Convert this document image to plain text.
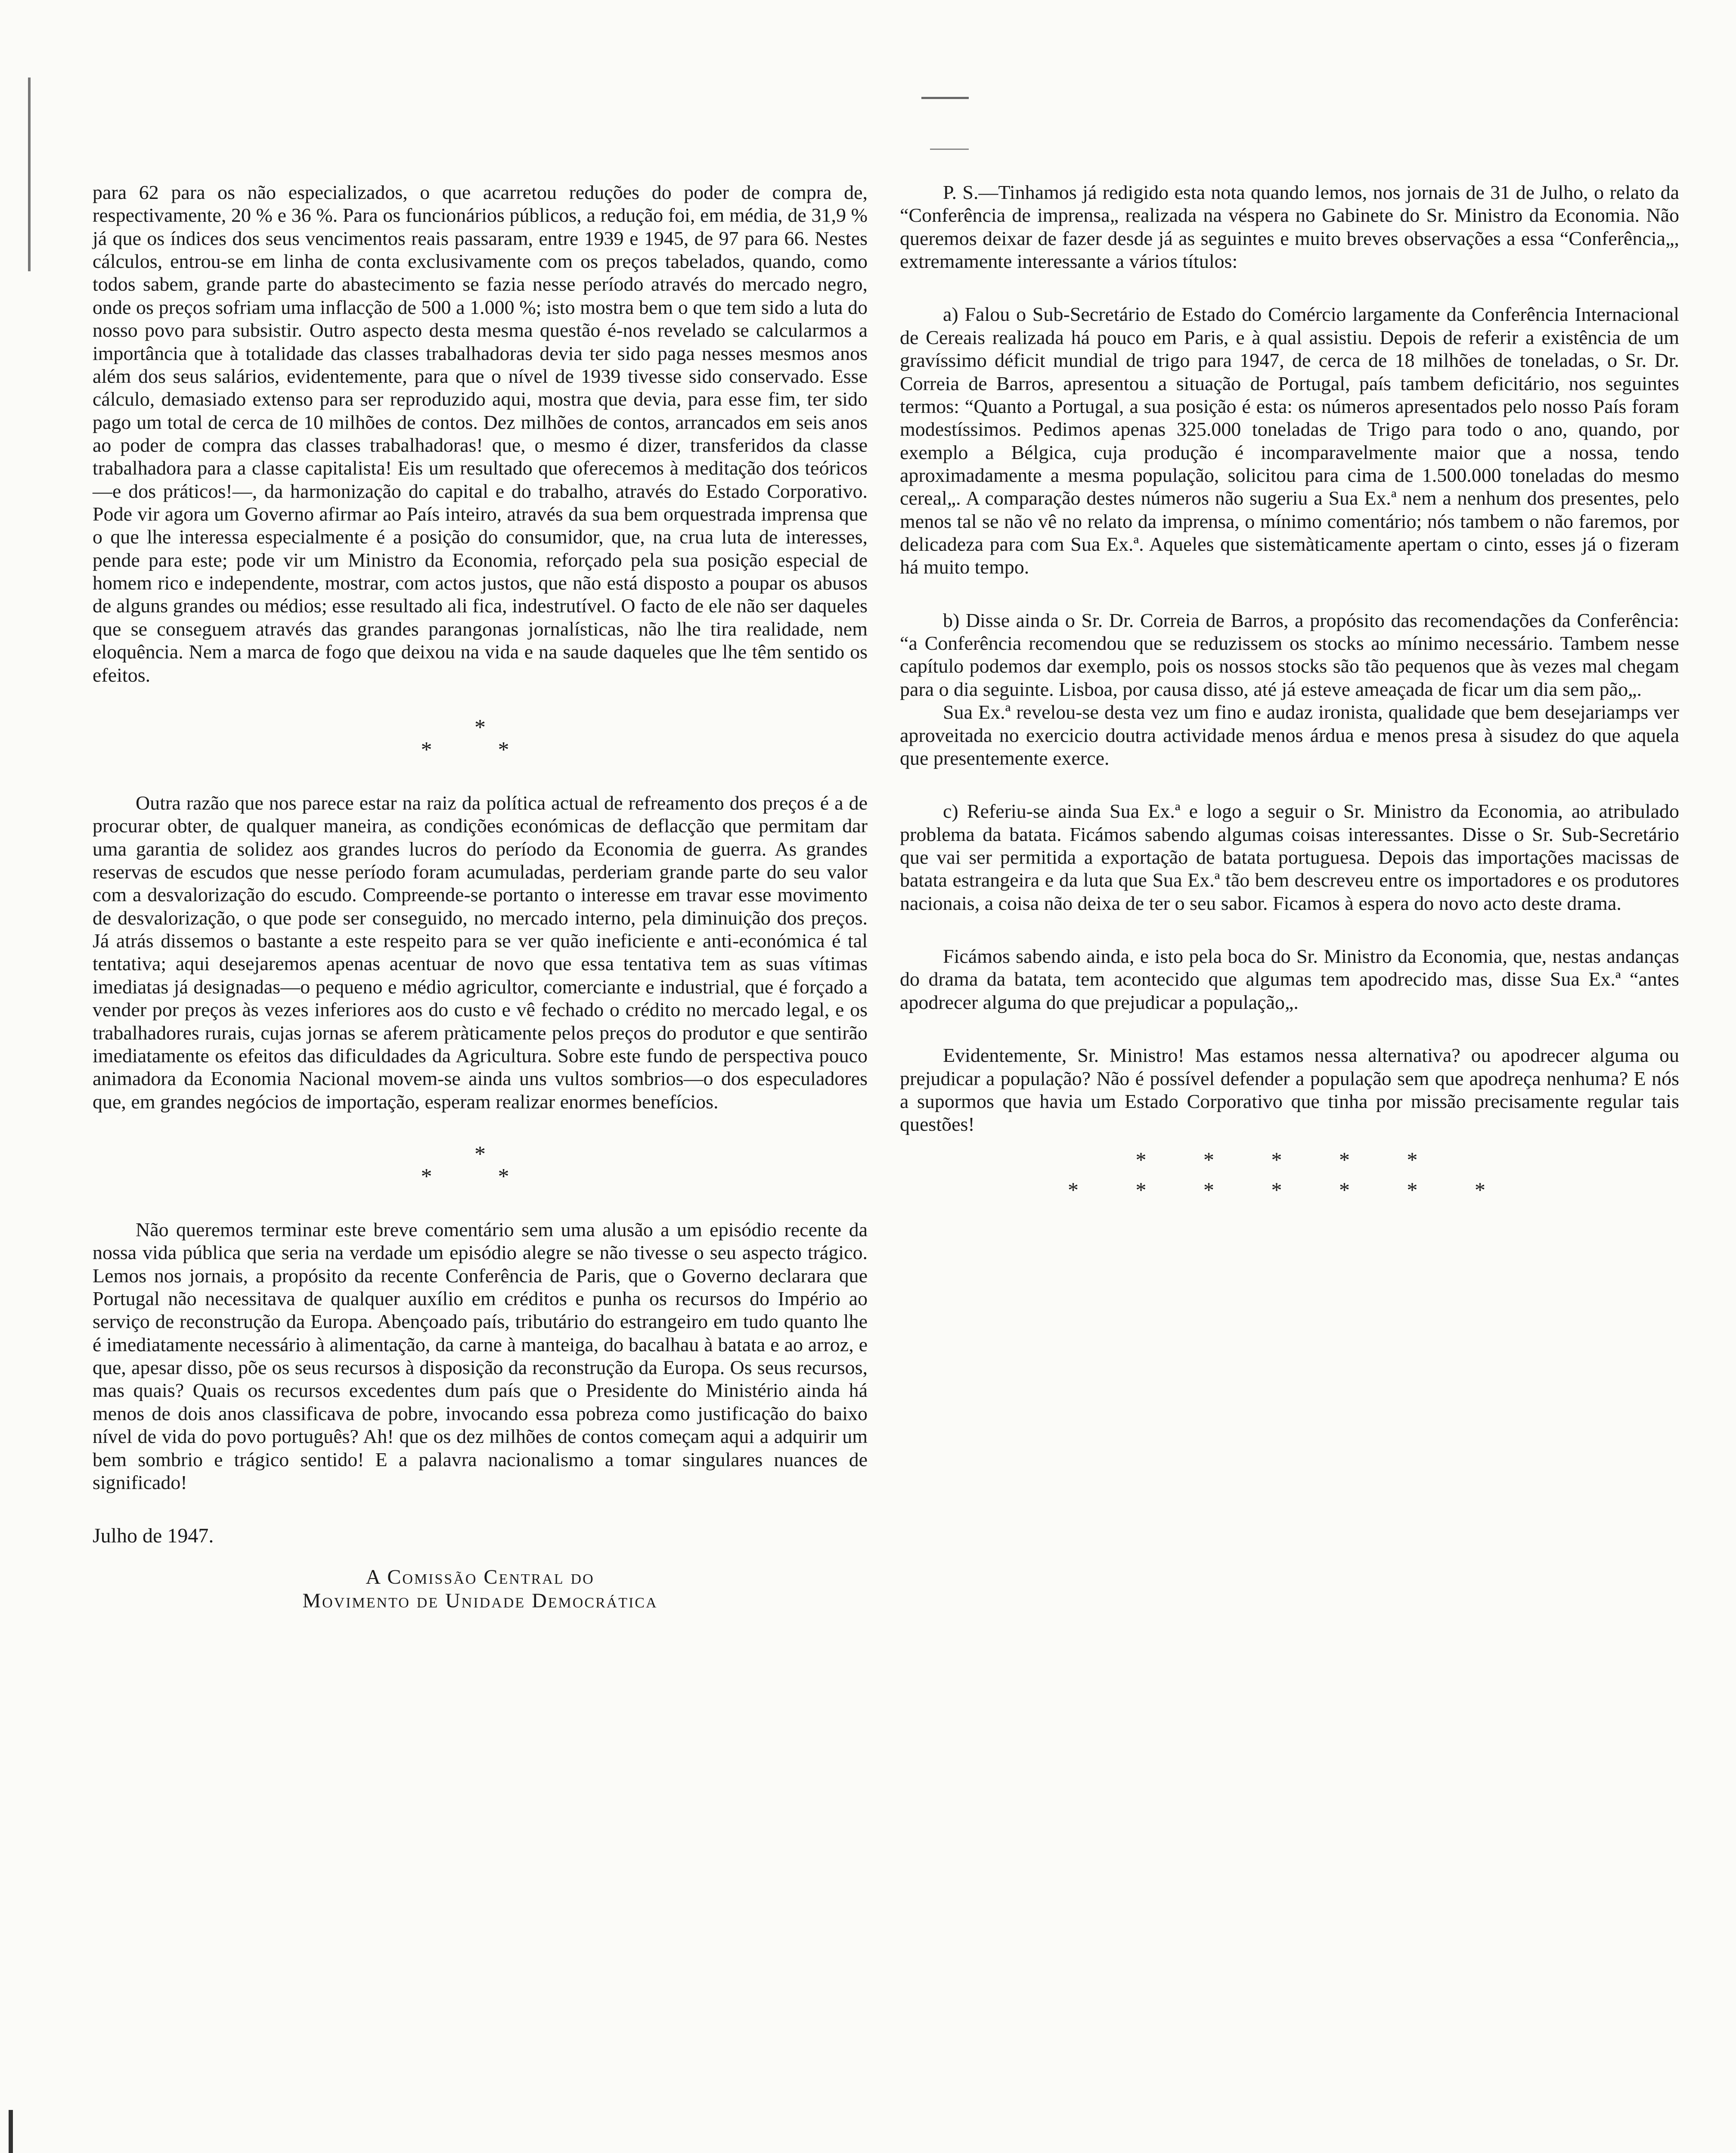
para 62 para os não especializados, o que acarretou reduções do poder de compra de, respectivamente, 20 % e 36 %. Para os funcionários públicos, a redução foi, em média, de 31,9 % já que os índices dos seus vencimentos reais passaram, entre 1939 e 1945, de 97 para 66. Nestes cálculos, entrou-se em linha de conta exclusivamente com os preços tabelados, quando, como todos sabem, grande parte do abastecimento se fazia nesse período através do mercado negro, onde os preços sofriam uma inflacção de 500 a 1.000 %; isto mostra bem o que tem sido a luta do nosso povo para subsistir. Outro aspecto desta mesma questão é-nos revelado se calcularmos a importância que à totalidade das classes trabalhadoras devia ter sido paga nesses mesmos anos além dos seus salários, evidentemente, para que o nível de 1939 tivesse sido conservado. Esse cálculo, demasiado extenso para ser reproduzido aqui, mostra que devia, para esse fim, ter sido pago um total de cerca de 10 milhões de contos. Dez milhões de contos, arrancados em seis anos ao poder de compra das classes trabalhadoras! que, o mesmo é dizer, transferidos da classe trabalhadora para a classe capitalista! Eis um resultado que oferecemos à meditação dos teóricos—e dos práticos!—, da harmonização do capital e do trabalho, através do Estado Corporativo. Pode vir agora um Governo afirmar ao País inteiro, através da sua bem orquestrada imprensa que o que lhe interessa especialmente é a posição do consumidor, que, na crua luta de interesses, pende para este; pode vir um Ministro da Economia, reforçado pela sua posição especial de homem rico e independente, mostrar, com actos justos, que não está disposto a poupar os abusos de alguns grandes ou médios; esse resultado ali fica, indestrutível. O facto de ele não ser daqueles que se conseguem através das grandes parangonas jornalísticas, não lhe tira realidade, nem eloquência. Nem a marca de fogo que deixou na vida e na saude daqueles que lhe têm sentido os efeitos.

*
* *

Outra razão que nos parece estar na raiz da política actual de refreamento dos preços é a de procurar obter, de qualquer maneira, as condições económicas de deflacção que permitam dar uma garantia de solidez aos grandes lucros do período da Economia de guerra. As grandes reservas de escudos que nesse período foram acumuladas, perderiam grande parte do seu valor com a desvalorização do escudo. Compreende-se portanto o interesse em travar esse movimento de desvalorização, o que pode ser conseguido, no mercado interno, pela diminuição dos preços. Já atrás dissemos o bastante a este respeito para se ver quão ineficiente e anti-económica é tal tentativa; aqui desejaremos apenas acentuar de novo que essa tentativa tem as suas vítimas imediatas já designadas—o pequeno e médio agricultor, comerciante e industrial, que é forçado a vender por preços às vezes inferiores aos do custo e vê fechado o crédito no mercado legal, e os trabalhadores rurais, cujas jornas se aferem pràticamente pelos preços do produtor e que sentirão imediatamente os efeitos das dificuldades da Agricultura. Sobre este fundo de perspectiva pouco animadora da Economia Nacional movem-se ainda uns vultos sombrios—o dos especuladores que, em grandes negócios de importação, esperam realizar enormes benefícios.

*
* *

Não queremos terminar este breve comentário sem uma alusão a um episódio recente da nossa vida pública que seria na verdade um episódio alegre se não tivesse o seu aspecto trágico. Lemos nos jornais, a propósito da recente Conferência de Paris, que o Governo declarara que Portugal não necessitava de qualquer auxílio em créditos e punha os recursos do Império ao serviço de reconstrução da Europa. Abençoado país, tributário do estrangeiro em tudo quanto lhe é imediatamente necessário à alimentação, da carne à manteiga, do bacalhau à batata e ao arroz, e que, apesar disso, põe os seus recursos à disposição da reconstrução da Europa. Os seus recursos, mas quais? Quais os recursos excedentes dum país que o Presidente do Ministério ainda há menos de dois anos classificava de pobre, invocando essa pobreza como justificação do baixo nível de vida do povo português? Ah! que os dez milhões de contos começam aqui a adquirir um bem sombrio e trágico sentido! E a palavra nacionalismo a tomar singulares nuances de significado!

Julho de 1947.
A Comissão Central do
Movimento de Unidade Democrática

P. S.—Tinhamos já redigido esta nota quando lemos, nos jornais de 31 de Julho, o relato da “Conferência de imprensa„ realizada na véspera no Gabinete do Sr. Ministro da Economia. Não queremos deixar de fazer desde já as seguintes e muito breves observações a essa “Conferência„, extremamente interessante a vários títulos:

a) Falou o Sub-Secretário de Estado do Comércio largamente da Conferência Internacional de Cereais realizada há pouco em Paris, e à qual assistiu. Depois de referir a existência de um gravíssimo déficit mundial de trigo para 1947, de cerca de 18 milhões de toneladas, o Sr. Dr. Correia de Barros, apresentou a situação de Portugal, país tambem deficitário, nos seguintes termos: “Quanto a Portugal, a sua posição é esta: os números apresentados pelo nosso País foram modestíssimos. Pedimos apenas 325.000 toneladas de Trigo para todo o ano, quando, por exemplo a Bélgica, cuja produção é incomparavelmente maior que a nossa, tendo aproximadamente a mesma população, solicitou para cima de 1.500.000 toneladas do mesmo cereal„. A comparação destes números não sugeriu a Sua Ex.ª nem a nenhum dos presentes, pelo menos tal se não vê no relato da imprensa, o mínimo comentário; nós tambem o não faremos, por delicadeza para com Sua Ex.ª. Aqueles que sistemàticamente apertam o cinto, esses já o fizeram há muito tempo.

b) Disse ainda o Sr. Dr. Correia de Barros, a propósito das recomendações da Conferência: “a Conferência recomendou que se reduzissem os stocks ao mínimo necessário. Tambem nesse capítulo podemos dar exemplo, pois os nossos stocks são tão pequenos que às vezes mal chegam para o dia seguinte. Lisboa, por causa disso, até já esteve ameaçada de ficar um dia sem pão„.

Sua Ex.ª revelou-se desta vez um fino e audaz ironista, qualidade que bem desejariamps ver aproveitada no exercicio doutra actividade menos árdua e menos presa à sisudez do que aquela que presentemente exerce.

c) Referiu-se ainda Sua Ex.ª e logo a seguir o Sr. Ministro da Economia, ao atribulado problema da batata. Ficámos sabendo algumas coisas interessantes. Disse o Sr. Sub-Secretário que vai ser permitida a exportação de batata portuguesa. Depois das importações macissas de batata estrangeira e da luta que Sua Ex.ª tão bem descreveu entre os importadores e os produtores nacionais, a coisa não deixa de ter o seu sabor. Ficamos à espera do novo acto deste drama.

Ficámos sabendo ainda, e isto pela boca do Sr. Ministro da Economia, que, nestas andanças do drama da batata, tem acontecido que algumas tem apodrecido mas, disse Sua Ex.ª “antes apodrecer alguma do que prejudicar a população„.

Evidentemente, Sr. Ministro! Mas estamos nessa alternativa? ou apodrecer alguma ou prejudicar a população? Não é possível defender a população sem que apodreça nenhuma? E nós a supormos que havia um Estado Corporativo que tinha por missão precisamente regular tais questões!

* * * * *
* * * * * * *
